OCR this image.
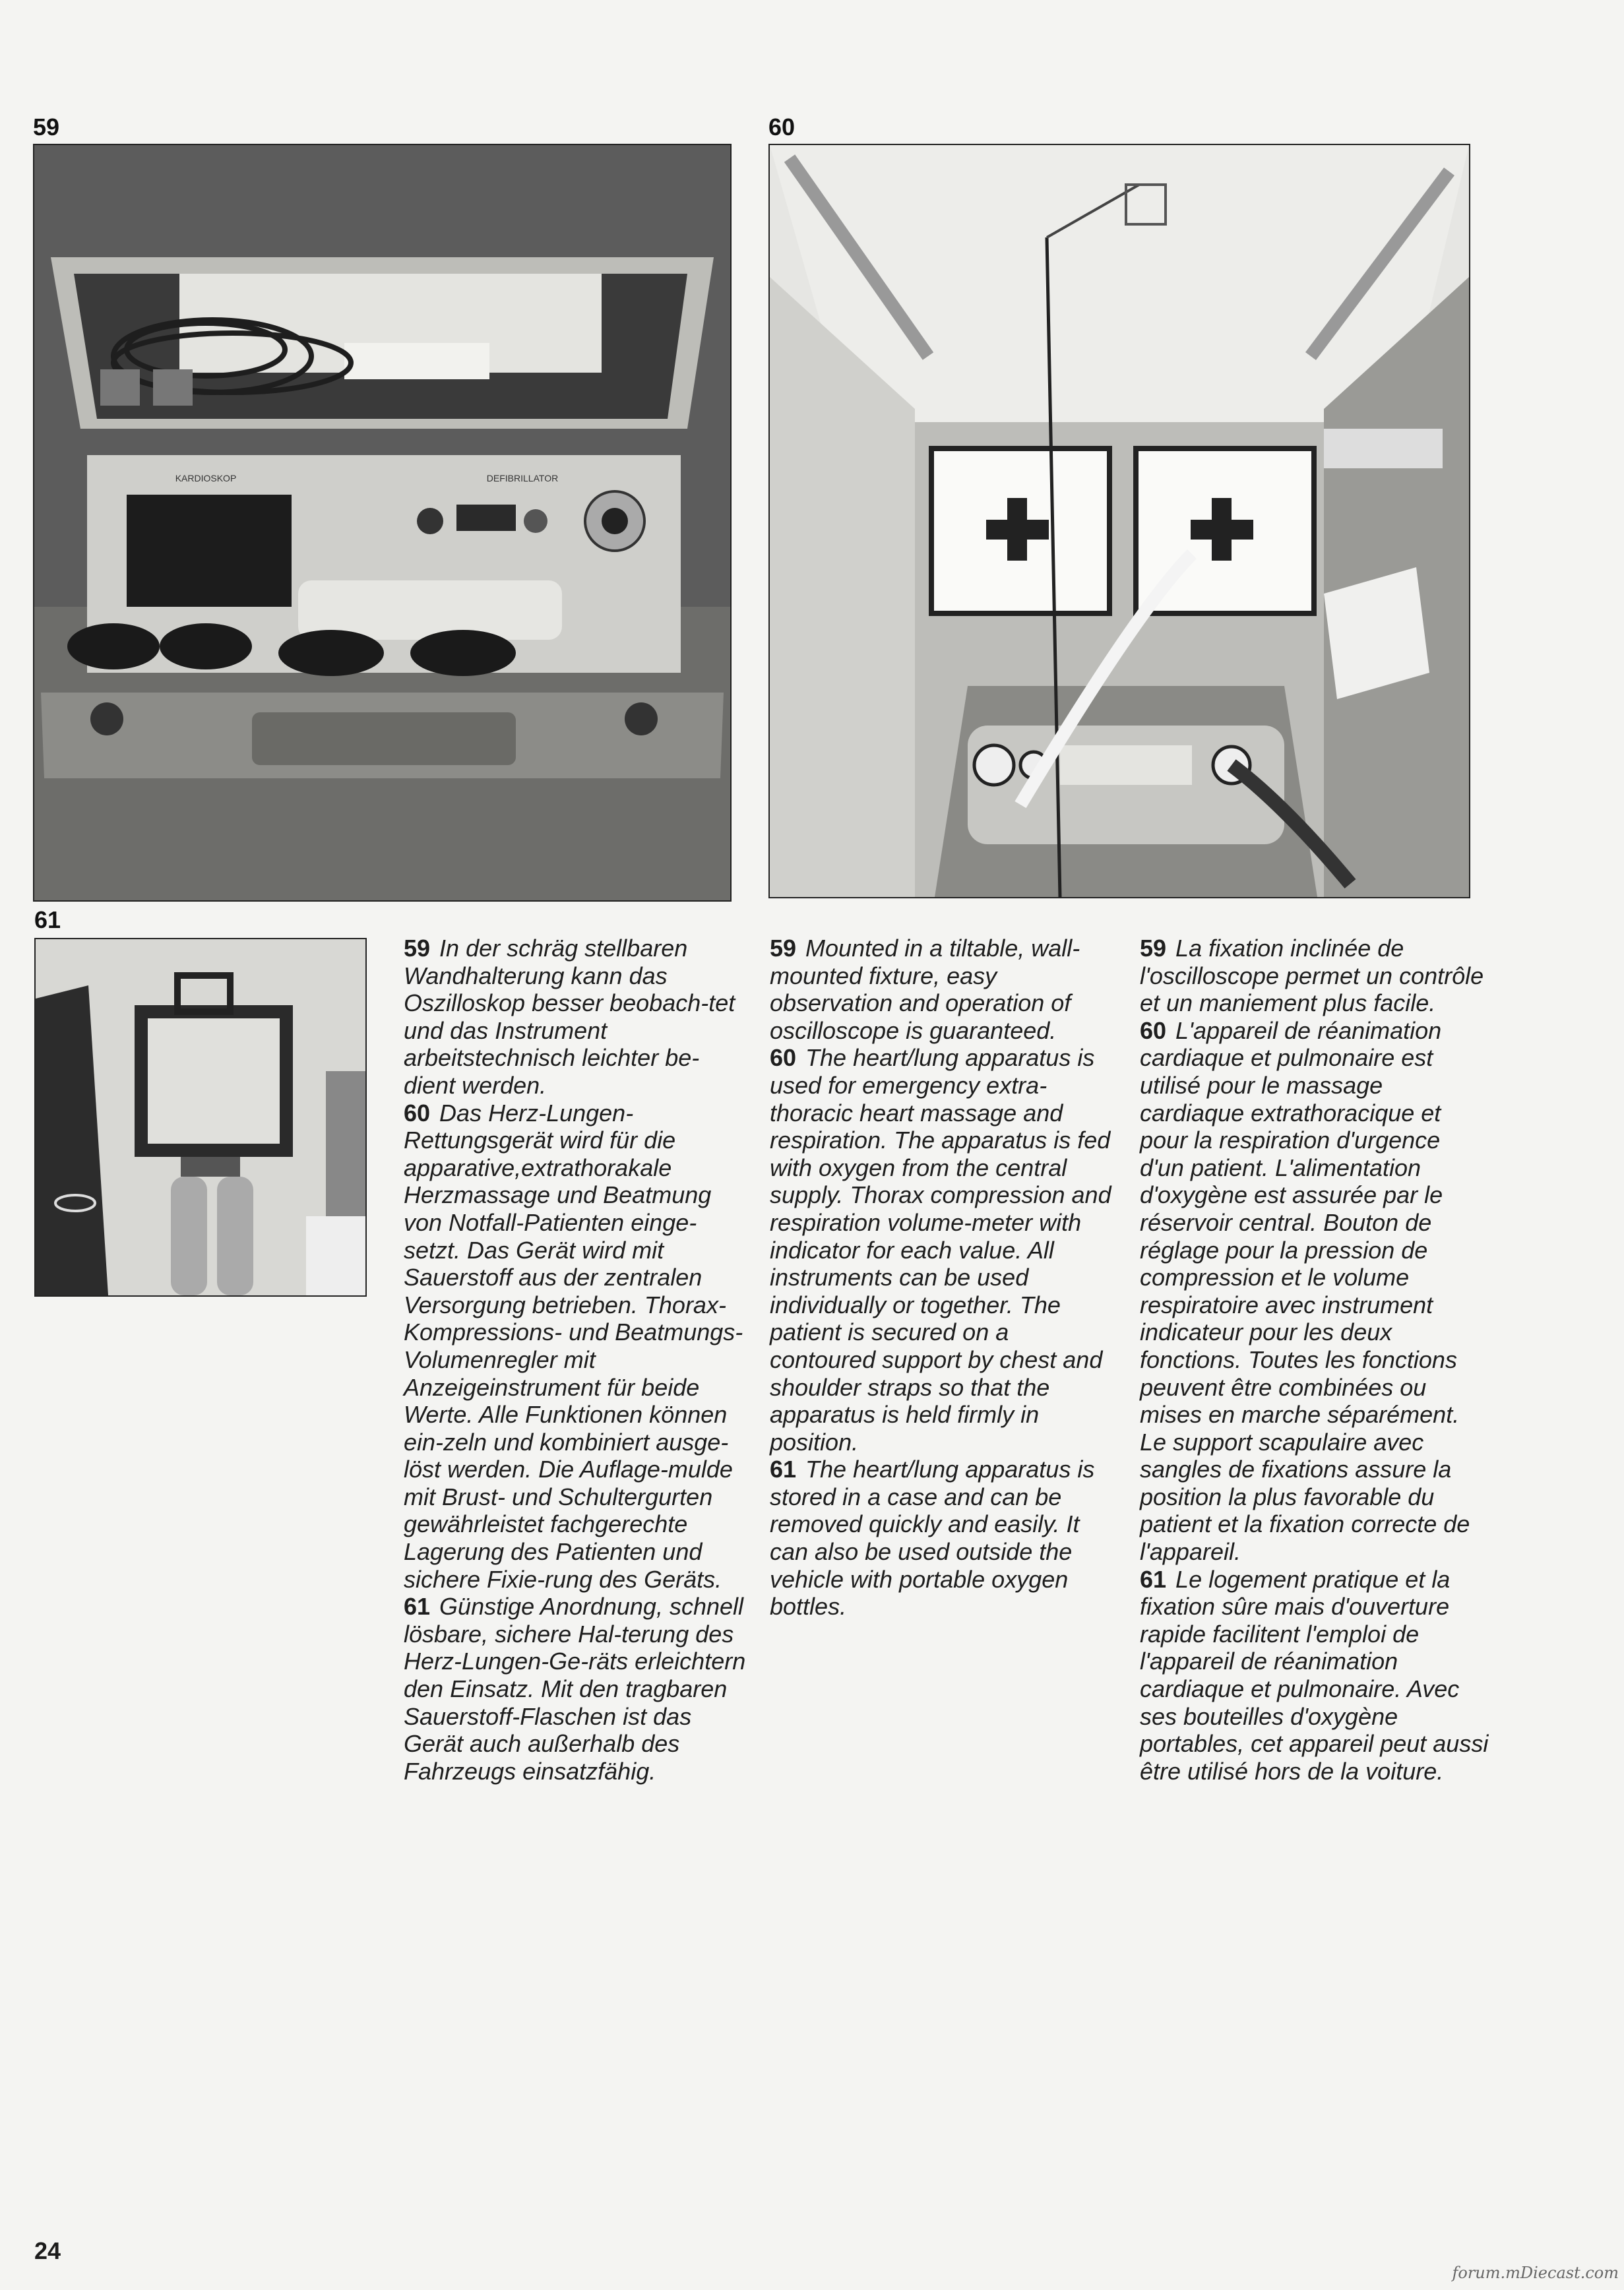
59	60
61
KARDIOSKOP	DEFIBRILLATOR

59 In der schräg stellbaren Wandhalterung kann das Oszilloskop besser beobach-tet und das Instrument arbeitstechnisch leichter be-dient werden.

60 Das Herz-Lungen-Rettungsgerät wird für die apparative,extrathorakale Herzmassage und Beatmung von Notfall-Patienten einge-setzt. Das Gerät wird mit Sauerstoff aus der zentralen Versorgung betrieben. Thorax-Kompressions- und Beatmungs-Volumenregler mit Anzeigeinstrument für beide Werte. Alle Funktionen können ein-zeln und kombiniert ausge-löst werden. Die Auflage-mulde mit Brust- und Schultergurten gewährleistet fachgerechte Lagerung des Patienten und sichere Fixie-rung des Geräts.

61 Günstige Anordnung, schnell lösbare, sichere Hal-terung des Herz-Lungen-Ge-räts erleichtern den Einsatz. Mit den tragbaren Sauerstoff-Flaschen ist das Gerät auch außerhalb des Fahrzeugs einsatzfähig.

59 Mounted in a tiltable, wall-mounted fixture, easy observation and operation of oscilloscope is guaranteed.

60 The heart/lung apparatus is used for emergency extra-thoracic heart massage and respiration. The apparatus is fed with oxygen from the central supply. Thorax compression and respiration volume-meter with indicator for each value. All instruments can be used individually or together. The patient is secured on a contoured support by chest and shoulder straps so that the apparatus is held firmly in position.

61 The heart/lung apparatus is stored in a case and can be removed quickly and easily. It can also be used outside the vehicle with portable oxygen bottles.

59 La fixation inclinée de l'oscilloscope permet un contrôle et un maniement plus facile.

60 L'appareil de réanimation cardiaque et pulmonaire est utilisé pour le massage cardiaque extrathoracique et pour la respiration d'urgence d'un patient. L'alimentation d'oxygène est assurée par le réservoir central. Bouton de réglage pour la pression de compression et le volume respiratoire avec instrument indicateur pour les deux fonctions. Toutes les fonctions peuvent être combinées ou mises en marche séparément. Le support scapulaire avec sangles de fixations assure la position la plus favorable du patient et la fixation correcte de l'appareil.

61 Le logement pratique et la fixation sûre mais d'ouverture rapide facilitent l'emploi de l'appareil de réanimation cardiaque et pulmonaire. Avec ses bouteilles d'oxygène portables, cet appareil peut aussi être utilisé hors de la voiture.

24
forum.mDiecast.com
